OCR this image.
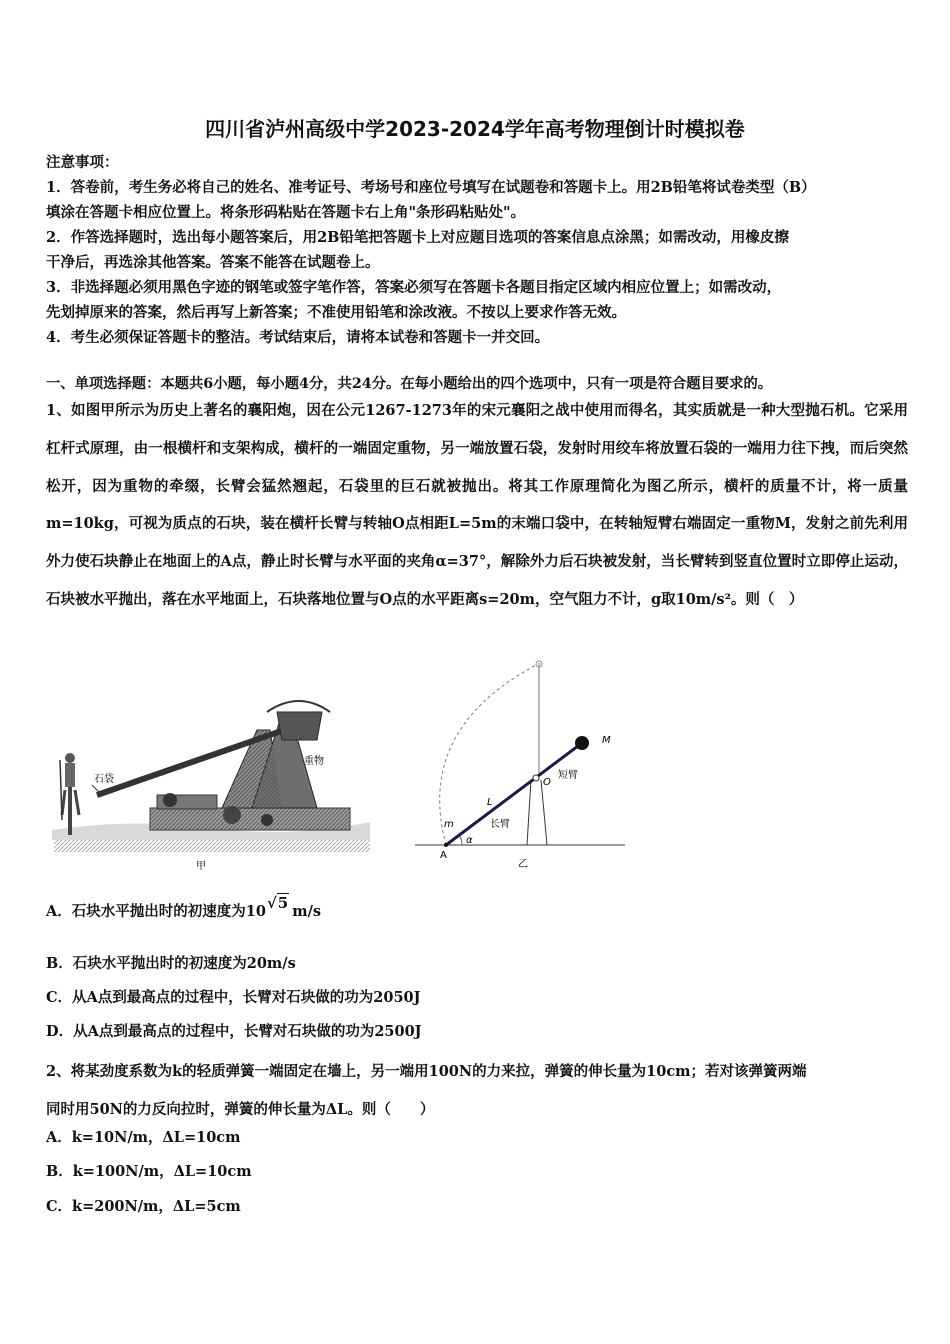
四川省泸州高级中学2023-2024学年高考物理倒计时模拟卷
注意事项：
1．答卷前，考生务必将自己的姓名、准考证号、考场号和座位号填写在试题卷和答题卡上。用2B铅笔将试卷类型（B）
填涂在答题卡相应位置上。将条形码粘贴在答题卡右上角"条形码粘贴处"。
2．作答选择题时，选出每小题答案后，用2B铅笔把答题卡上对应题目选项的答案信息点涂黑；如需改动，用橡皮擦
干净后，再选涂其他答案。答案不能答在试题卷上。
3．非选择题必须用黑色字迹的钢笔或签字笔作答，答案必须写在答题卡各题目指定区域内相应位置上；如需改动，
先划掉原来的答案，然后再写上新答案；不准使用铅笔和涂改液。不按以上要求作答无效。
4．考生必须保证答题卡的整洁。考试结束后，请将本试卷和答题卡一并交回。
一、单项选择题：本题共6小题，每小题4分，共24分。在每小题给出的四个选项中，只有一项是符合题目要求的。
1、如图甲所示为历史上著名的襄阳炮，因在公元1267-1273年的宋元襄阳之战中使用而得名，其实质就是一种大型抛石机。它采用杠杆式原理，由一根横杆和支架构成，横杆的一端固定重物，另一端放置石袋，发射时用绞车将放置石袋的一端用力往下拽，而后突然松开，因为重物的牵缀，长臂会猛然翘起，石袋里的巨石就被抛出。将其工作原理简化为图乙所示，横杆的质量不计，将一质量m=10kg，可视为质点的石块，装在横杆长臂与转轴O点相距L=5m的末端口袋中，在转轴短臂右端固定一重物M，发射之前先利用外力使石块静止在地面上的A点，静止时长臂与水平面的夹角α=37°，解除外力后石块被发射，当长臂转到竖直位置时立即停止运动，石块被水平抛出，落在水平地面上，石块落地位置与O点的水平距离s=20m，空气阻力不计，g取10m/s²。则（　）
石袋
重物
甲
M
O
短臂
L
长臂
m
α
A
乙
A．石块水平抛出时的初速度为10√5 m/s
B．石块水平抛出时的初速度为20m/s
C．从A点到最高点的过程中，长臂对石块做的功为2050J
D．从A点到最高点的过程中，长臂对石块做的功为2500J
2、将某劲度系数为k的轻质弹簧一端固定在墙上，另一端用100N的力来拉，弹簧的伸长量为10cm；若对该弹簧两端
同时用50N的力反向拉时，弹簧的伸长量为ΔL。则（　　）
A．k=10N/m，ΔL=10cm
B．k=100N/m，ΔL=10cm
C．k=200N/m，ΔL=5cm
